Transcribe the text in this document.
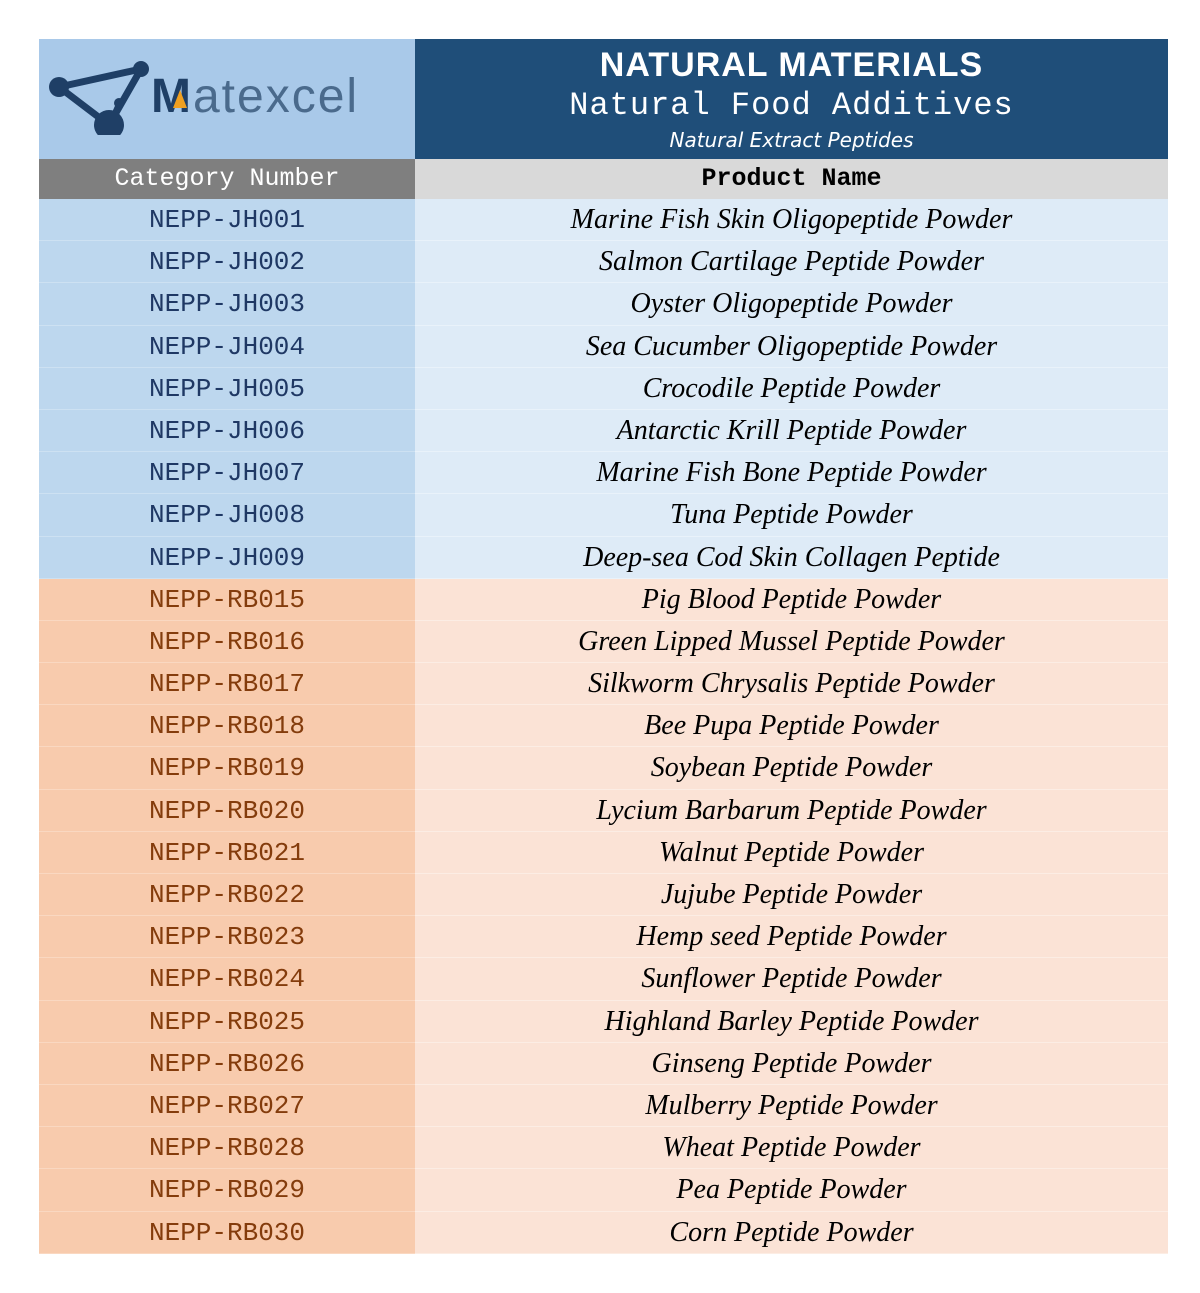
M
atexcel
NATURAL MATERIALS
Natural Food Additives
Natural Extract Peptides
Category Number	Product Name
NEPP-JH001	Marine Fish Skin Oligopeptide Powder
NEPP-JH002	Salmon Cartilage Peptide Powder
NEPP-JH003	Oyster Oligopeptide Powder
NEPP-JH004	Sea Cucumber Oligopeptide Powder
NEPP-JH005	Crocodile Peptide Powder
NEPP-JH006	Antarctic Krill Peptide Powder
NEPP-JH007	Marine Fish Bone Peptide Powder
NEPP-JH008	Tuna Peptide Powder
NEPP-JH009	Deep-sea Cod Skin Collagen Peptide
NEPP-RB015	Pig Blood Peptide Powder
NEPP-RB016	Green Lipped Mussel Peptide Powder
NEPP-RB017	Silkworm Chrysalis Peptide Powder
NEPP-RB018	Bee Pupa Peptide Powder
NEPP-RB019	Soybean Peptide Powder
NEPP-RB020	Lycium Barbarum Peptide Powder
NEPP-RB021	Walnut Peptide Powder
NEPP-RB022	Jujube Peptide Powder
NEPP-RB023	Hemp seed Peptide Powder
NEPP-RB024	Sunflower Peptide Powder
NEPP-RB025	Highland Barley Peptide Powder
NEPP-RB026	Ginseng Peptide Powder
NEPP-RB027	Mulberry Peptide Powder
NEPP-RB028	Wheat Peptide Powder
NEPP-RB029	Pea Peptide Powder
NEPP-RB030	Corn Peptide Powder
